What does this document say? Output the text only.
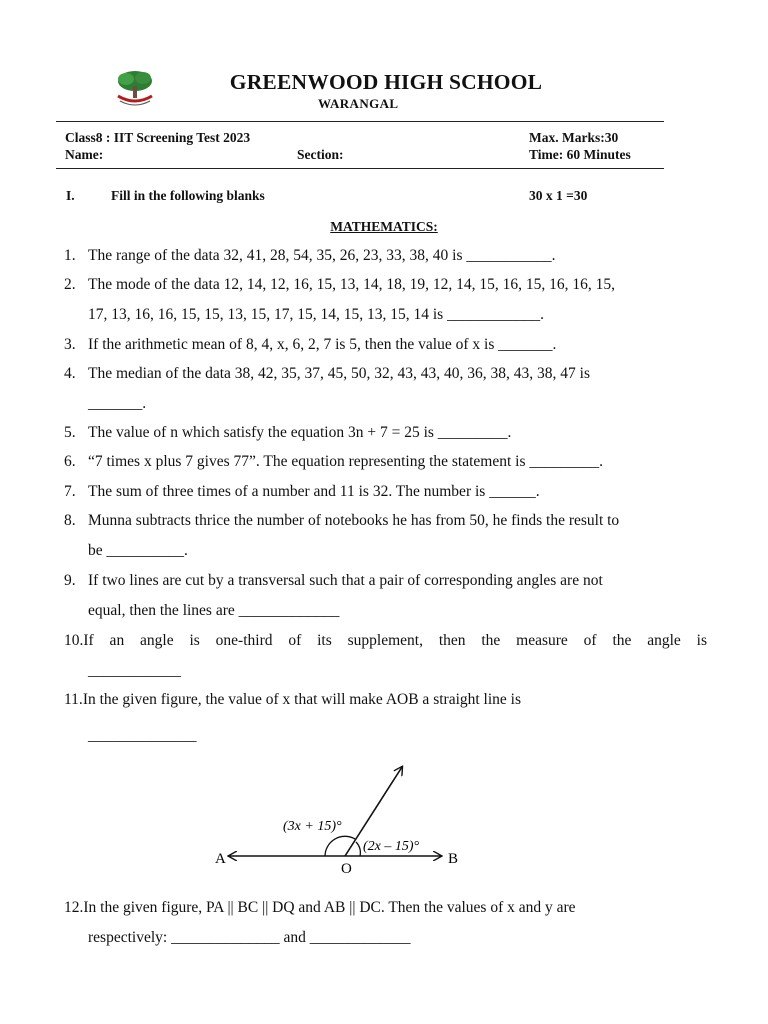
GREENWOOD HIGH SCHOOL
WARANGAL
Class8 : IIT Screening Test 2023	Max. Marks:30
Name:	Section:	Time: 60 Minutes
I.	Fill in the following blanks	30 x 1 =30
MATHEMATICS:
1. The range of the data 32, 41, 28, 54, 35, 26, 23, 33, 38, 40 is ___________.
2. The mode of the data 12, 14, 12, 16, 15, 13, 14, 18, 19, 12, 14, 15, 16, 15, 16, 16, 15,
17, 13, 16, 16, 15, 15, 13, 15, 17, 15, 14, 15, 13, 15, 14 is ____________.
3. If the arithmetic mean of 8, 4, x, 6, 2, 7 is 5, then the value of x is _______.
4. The median of the data 38, 42, 35, 37, 45, 50, 32, 43, 43, 40, 36, 38, 43, 38, 47 is
_______.
5. The value of n which satisfy the equation 3n + 7 = 25 is _________.
6. “7 times x plus 7 gives 77”. The equation representing the statement is _________.
7. The sum of three times of a number and 11 is 32. The number is ______.
8. Munna subtracts thrice the number of notebooks he has from 50, he finds the result to
be __________.
9. If two lines are cut by a transversal such that a pair of corresponding angles are not
equal, then the lines are _____________
10.If an angle is one-third of its supplement, then the measure of the angle is
____________
11.In the given figure, the value of x that will make AOB a straight line is
______________
A
O
B
(3x + 15)°
(2x – 15)°
12.In the given figure, PA || BC || DQ and AB || DC. Then the values of x and y are
respectively: ______________ and _____________
